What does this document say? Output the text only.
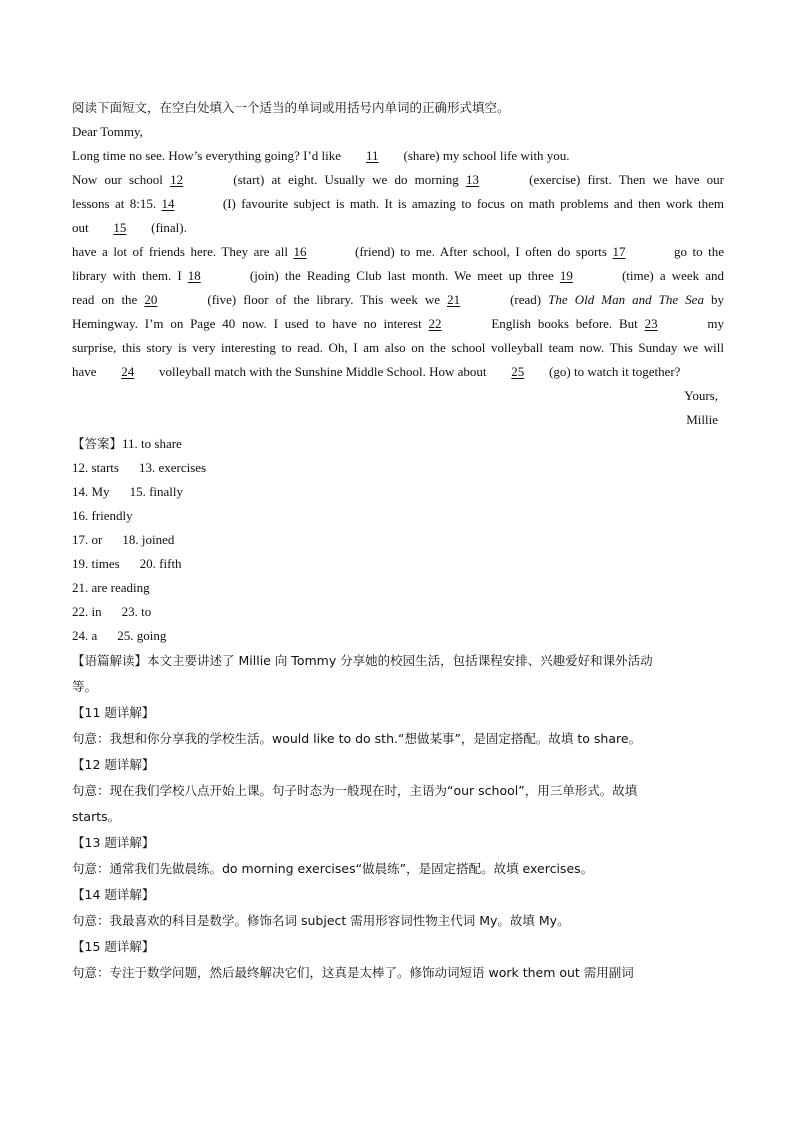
阅读下面短文，在空白处填入一个适当的单词或用括号内单词的正确形式填空。

Dear Tommy,

Long time no see. How’s everything going? I’d like 11 (share) my school life with you.

Now our school 12	(start) at eight. Usually we do morning 13	(exercise) first. Then we have our

lessons at 8:15. 14	(I) favourite subject is math. It is amazing to focus on math problems and then work them

out 15 (final).

have a lot of friends here. They are all 16	(friend) to me. After school, I often do sports 17	go to the

library with them. I 18	(join) the Reading Club last month. We meet up three 19	(time) a week and

read on the 20	(five) floor of the library. This week we 21	(read) The Old Man and The Sea by

Hemingway. I’m on Page 40 now. I used to have no interest 22	English books before. But 23	my

surprise, this story is very interesting to read. Oh, I am also on the school volleyball team now. This Sunday we will

have 24 volleyball match with the Sunshine Middle School. How about 25 (go) to watch it together?

Yours,

Millie

【答案】11. to share

12. starts 13. exercises

14. My 15. finally

16. friendly

17. or 18. joined

19. times 20. fifth

21. are reading

22. in 23. to

24. a 25. going

【语篇解读】本文主要讲述了 Millie 向 Tommy 分享她的校园生活，包括课程安排、兴趣爱好和课外活动

等。

【11 题详解】

句意：我想和你分享我的学校生活。would like to do sth.“想做某事”，是固定搭配。故填 to share。

【12 题详解】

句意：现在我们学校八点开始上课。句子时态为一般现在时，主语为“our school”，用三单形式。故填

starts。

【13 题详解】

句意：通常我们先做晨练。do morning exercises“做晨练”，是固定搭配。故填 exercises。

【14 题详解】

句意：我最喜欢的科目是数学。修饰名词 subject 需用形容词性物主代词 My。故填 My。

【15 题详解】

句意：专注于数学问题，然后最终解决它们，这真是太棒了。修饰动词短语 work them out 需用副词
